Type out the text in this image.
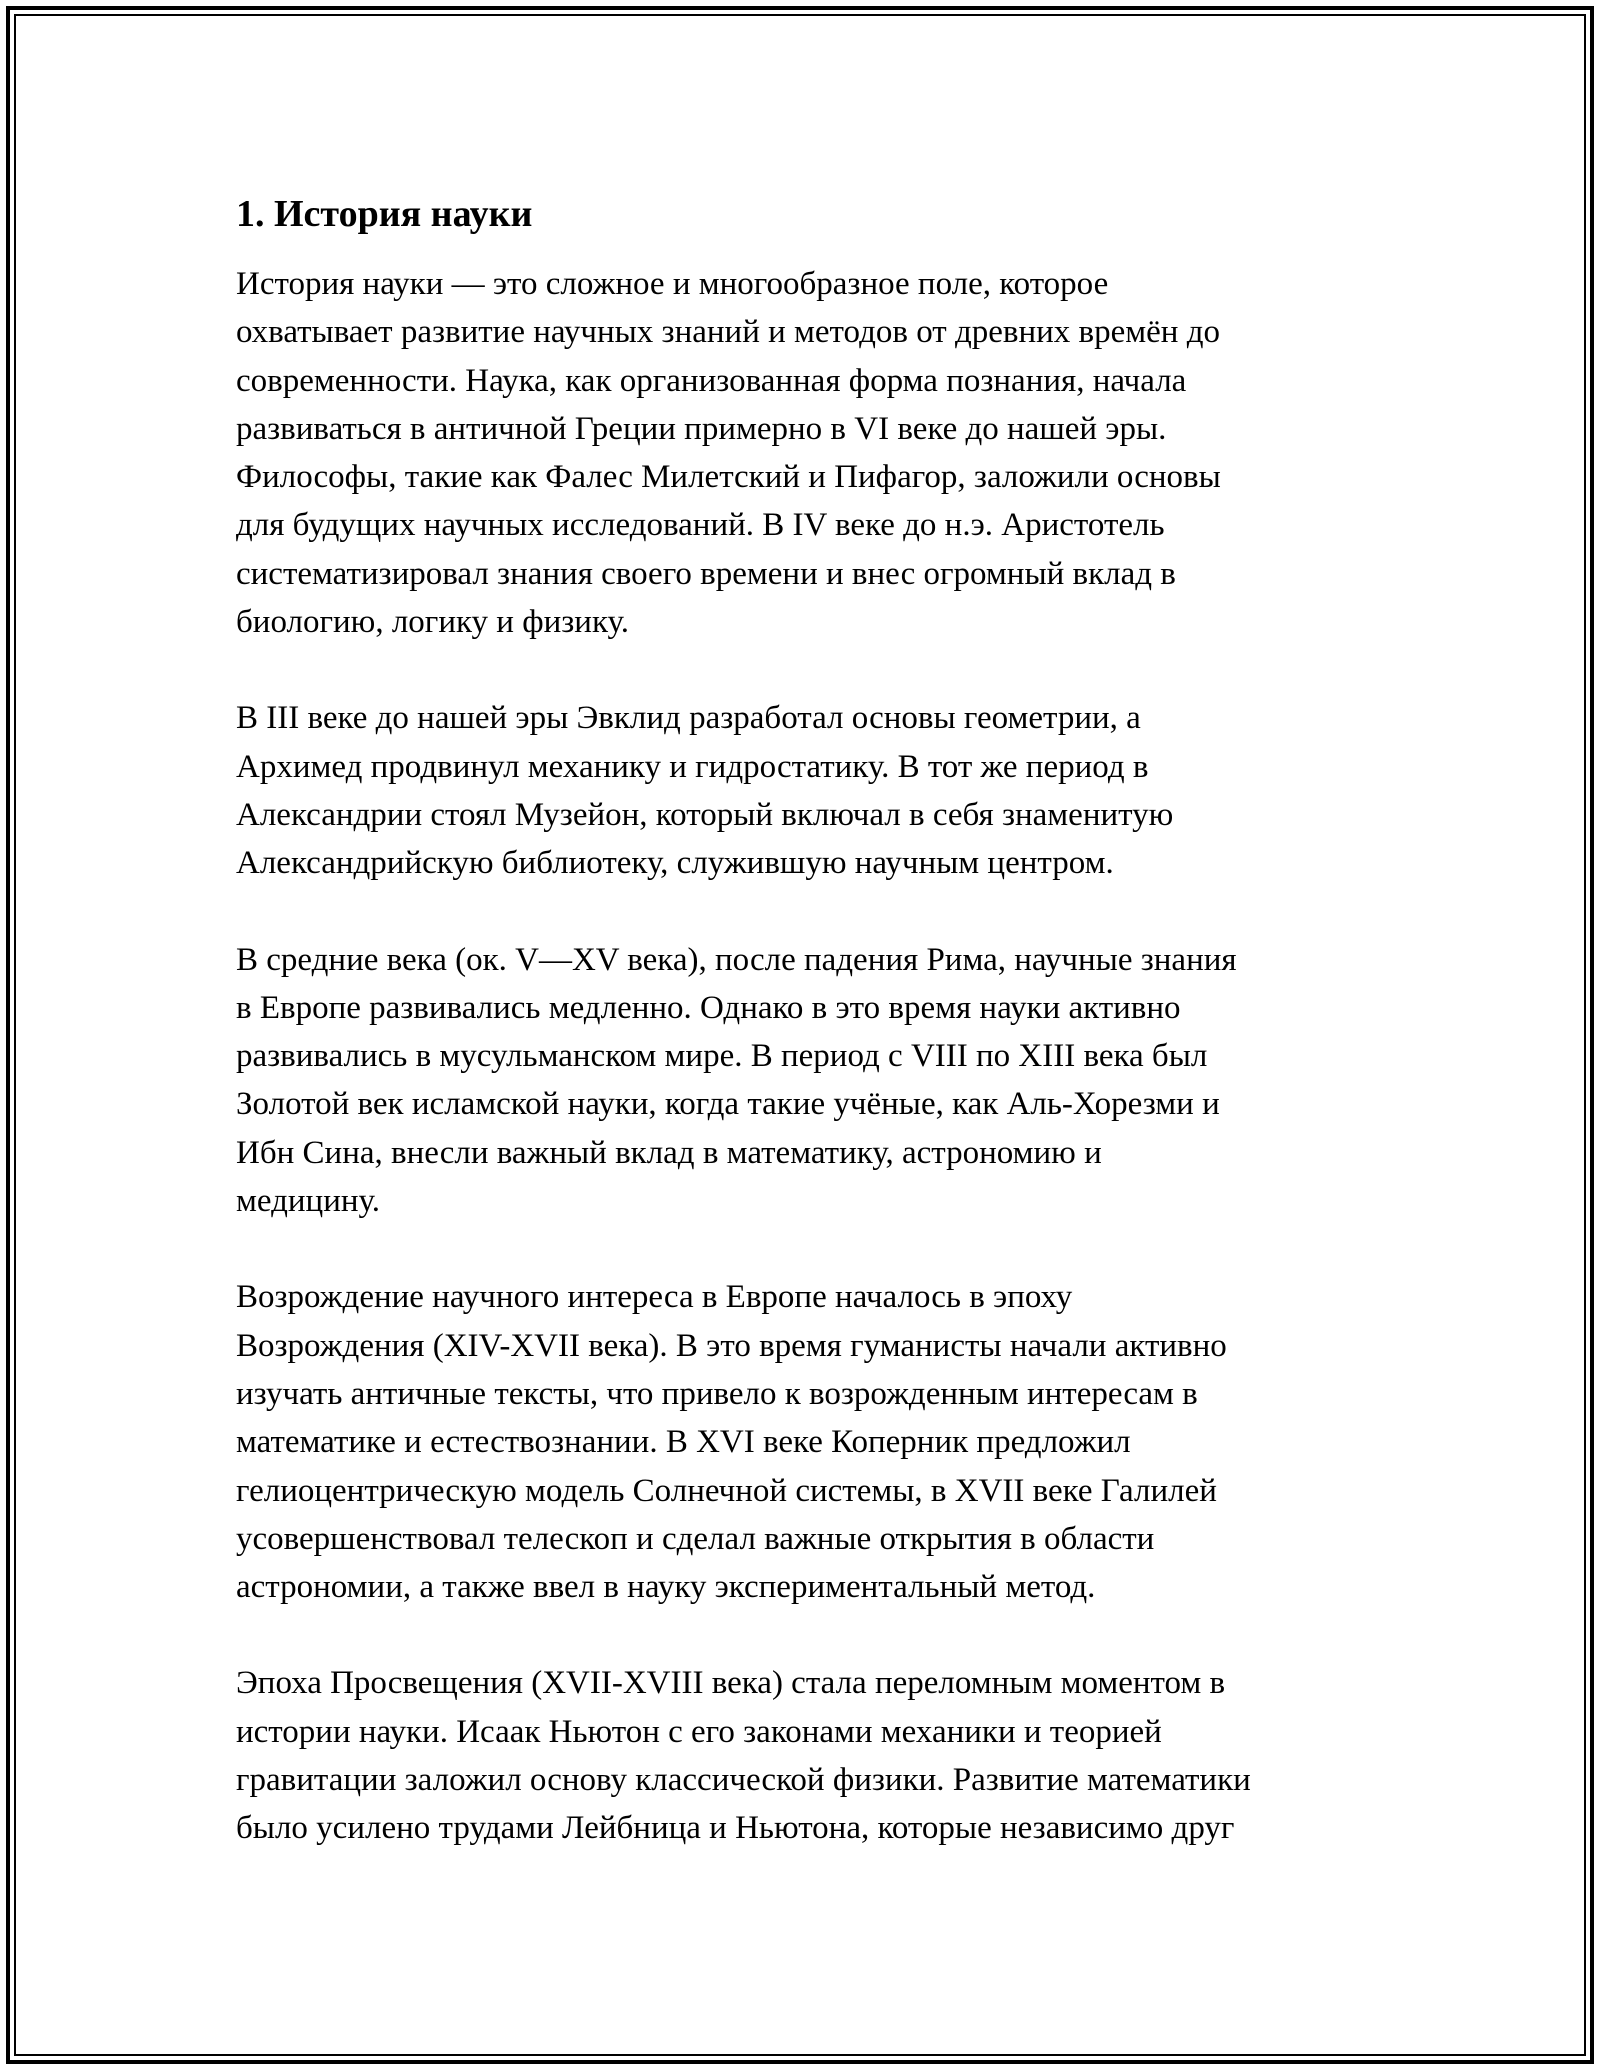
1. История науки

История науки — это сложное и многообразное поле, которое
охватывает развитие научных знаний и методов от древних времён до
современности. Наука, как организованная форма познания, начала
развиваться в античной Греции примерно в VI веке до нашей эры.
Философы, такие как Фалес Милетский и Пифагор, заложили основы
для будущих научных исследований. В IV веке до н.э. Аристотель
систематизировал знания своего времени и внес огромный вклад в
биологию, логику и физику.

В III веке до нашей эры Эвклид разработал основы геометрии, а
Архимед продвинул механику и гидростатику. В тот же период в
Александрии стоял Музейон, который включал в себя знаменитую
Александрийскую библиотеку, служившую научным центром.

В средние века (ок. V—XV века), после падения Рима, научные знания
в Европе развивались медленно. Однако в это время науки активно
развивались в мусульманском мире. В период с VIII по XIII века был
Золотой век исламской науки, когда такие учёные, как Аль-Хорезми и
Ибн Сина, внесли важный вклад в математику, астрономию и
медицину.

Возрождение научного интереса в Европе началось в эпоху
Возрождения (XIV-XVII века). В это время гуманисты начали активно
изучать античные тексты, что привело к возрожденным интересам в
математике и естествознании. В XVI веке Коперник предложил
гелиоцентрическую модель Солнечной системы, в XVII веке Галилей
усовершенствовал телескоп и сделал важные открытия в области
астрономии, а также ввел в науку экспериментальный метод.

Эпоха Просвещения (XVII-XVIII века) стала переломным моментом в
истории науки. Исаак Ньютон с его законами механики и теорией
гравитации заложил основу классической физики. Развитие математики
было усилено трудами Лейбница и Ньютона, которые независимо друг
